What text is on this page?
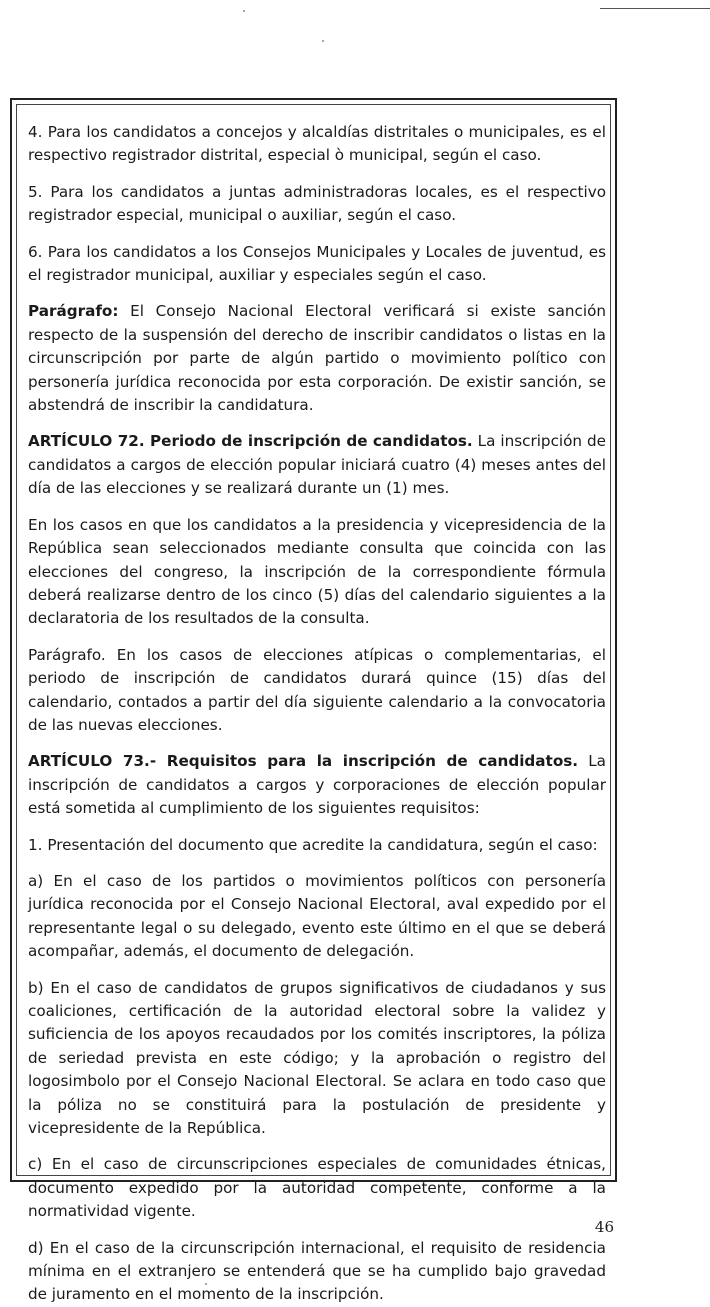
4. Para los candidatos a concejos y alcaldías distritales o municipales, es el respectivo registrador distrital, especial ò municipal, según el caso.

5. Para los candidatos a juntas administradoras locales, es el respectivo registrador especial, municipal o auxiliar, según el caso.

6. Para los candidatos a los Consejos Municipales y Locales de juventud, es el registrador municipal, auxiliar y especiales según el caso.

Parágrafo: El Consejo Nacional Electoral verificará si existe sanción respecto de la suspensión del derecho de inscribir candidatos o listas en la circunscripción por parte de algún partido o movimiento político con personería jurídica reconocida por esta corporación. De existir sanción, se abstendrá de inscribir la candidatura.

ARTÍCULO 72. Periodo de inscripción de candidatos. La inscripción de candidatos a cargos de elección popular iniciará cuatro (4) meses antes del día de las elecciones y se realizará durante un (1) mes.

En los casos en que los candidatos a la presidencia y vicepresidencia de la República sean seleccionados mediante consulta que coincida con las elecciones del congreso, la inscripción de la correspondiente fórmula deberá realizarse dentro de los cinco (5) días del calendario siguientes a la declaratoria de los resultados de la consulta.

Parágrafo. En los casos de elecciones atípicas o complementarias, el periodo de inscripción de candidatos durará quince (15) días del calendario, contados a partir del día siguiente calendario a la convocatoria de las nuevas elecciones.

ARTÍCULO 73.- Requisitos para la inscripción de candidatos. La inscripción de candidatos a cargos y corporaciones de elección popular está sometida al cumplimiento de los siguientes requisitos:

1. Presentación del documento que acredite la candidatura, según el caso:

a) En el caso de los partidos o movimientos políticos con personería jurídica reconocida por el Consejo Nacional Electoral, aval expedido por el representante legal o su delegado, evento este último en el que se deberá acompañar, además, el documento de delegación.

b) En el caso de candidatos de grupos significativos de ciudadanos y sus coaliciones, certificación de la autoridad electoral sobre la validez y suficiencia de los apoyos recaudados por los comités inscriptores, la póliza de seriedad prevista en este código; y la aprobación o registro del logosimbolo por el Consejo Nacional Electoral. Se aclara en todo caso que la póliza no se constituirá para la postulación de presidente y vicepresidente de la República.

c) En el caso de circunscripciones especiales de comunidades étnicas, documento expedido por la autoridad competente, conforme a la normatividad vigente.

d) En el caso de la circunscripción internacional, el requisito de residencia mínima en el extranjero se entenderá que se ha cumplido bajo gravedad de juramento en el momento de la inscripción.

46
